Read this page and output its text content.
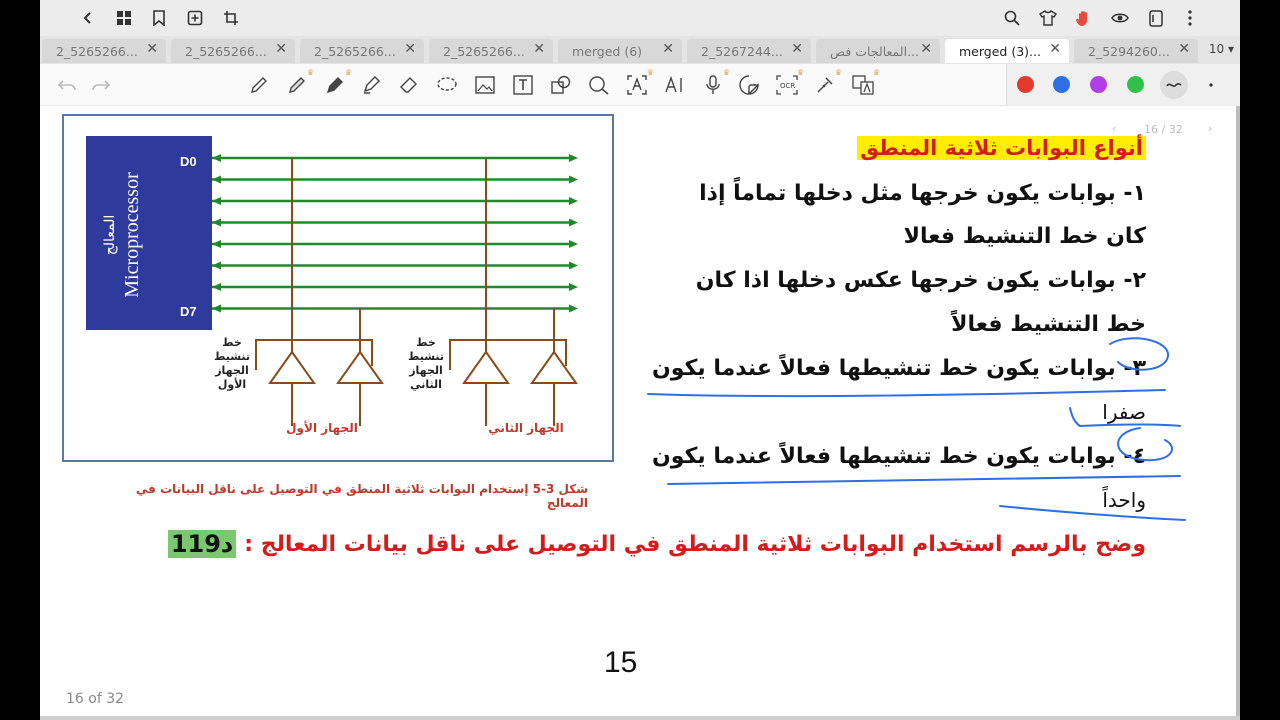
2_5265266... ✕ 2_5265266... ✕ 2_5265266... ✕ 2_5265266... ✕ merged (6) ✕ 2_5267244... ✕ المعالجات فص... ✕ merged (3)... ✕ 2_5294260... ✕ 10 ▾
♛	♛	♛	♛
OCR
♛	♛	♛
Microprocessor
المعالج
D0
D7
خط
تنشيط
الجهاز
الأول
خط
تنشيط
الجهاز
الثاني
الجهاز الأول	الجهاز الثاني
شكل 3-5 إستخدام البوابات ثلاثية المنطق في التوصيل على ناقل البيانات في المعالج
‹	16 / 32 ›
أنواع البوابات ثلاثية المنطق
١- بوابات يكون خرجها مثل دخلها تماماً إذا
كان خط التنشيط فعالا
٢- بوابات يكون خرجها عكس دخلها اذا كان
خط التنشيط فعالاً
٣- بوابات يكون خط تنشيطها فعالاً عندما يكون
صفرا
٤- بوابات يكون خط تنشيطها فعالاً عندما يكون
واحداً
وضح بالرسم استخدام البوابات ثلاثية المنطق في التوصيل على ناقل بيانات المعالج :
1د19
15
16 of 32
